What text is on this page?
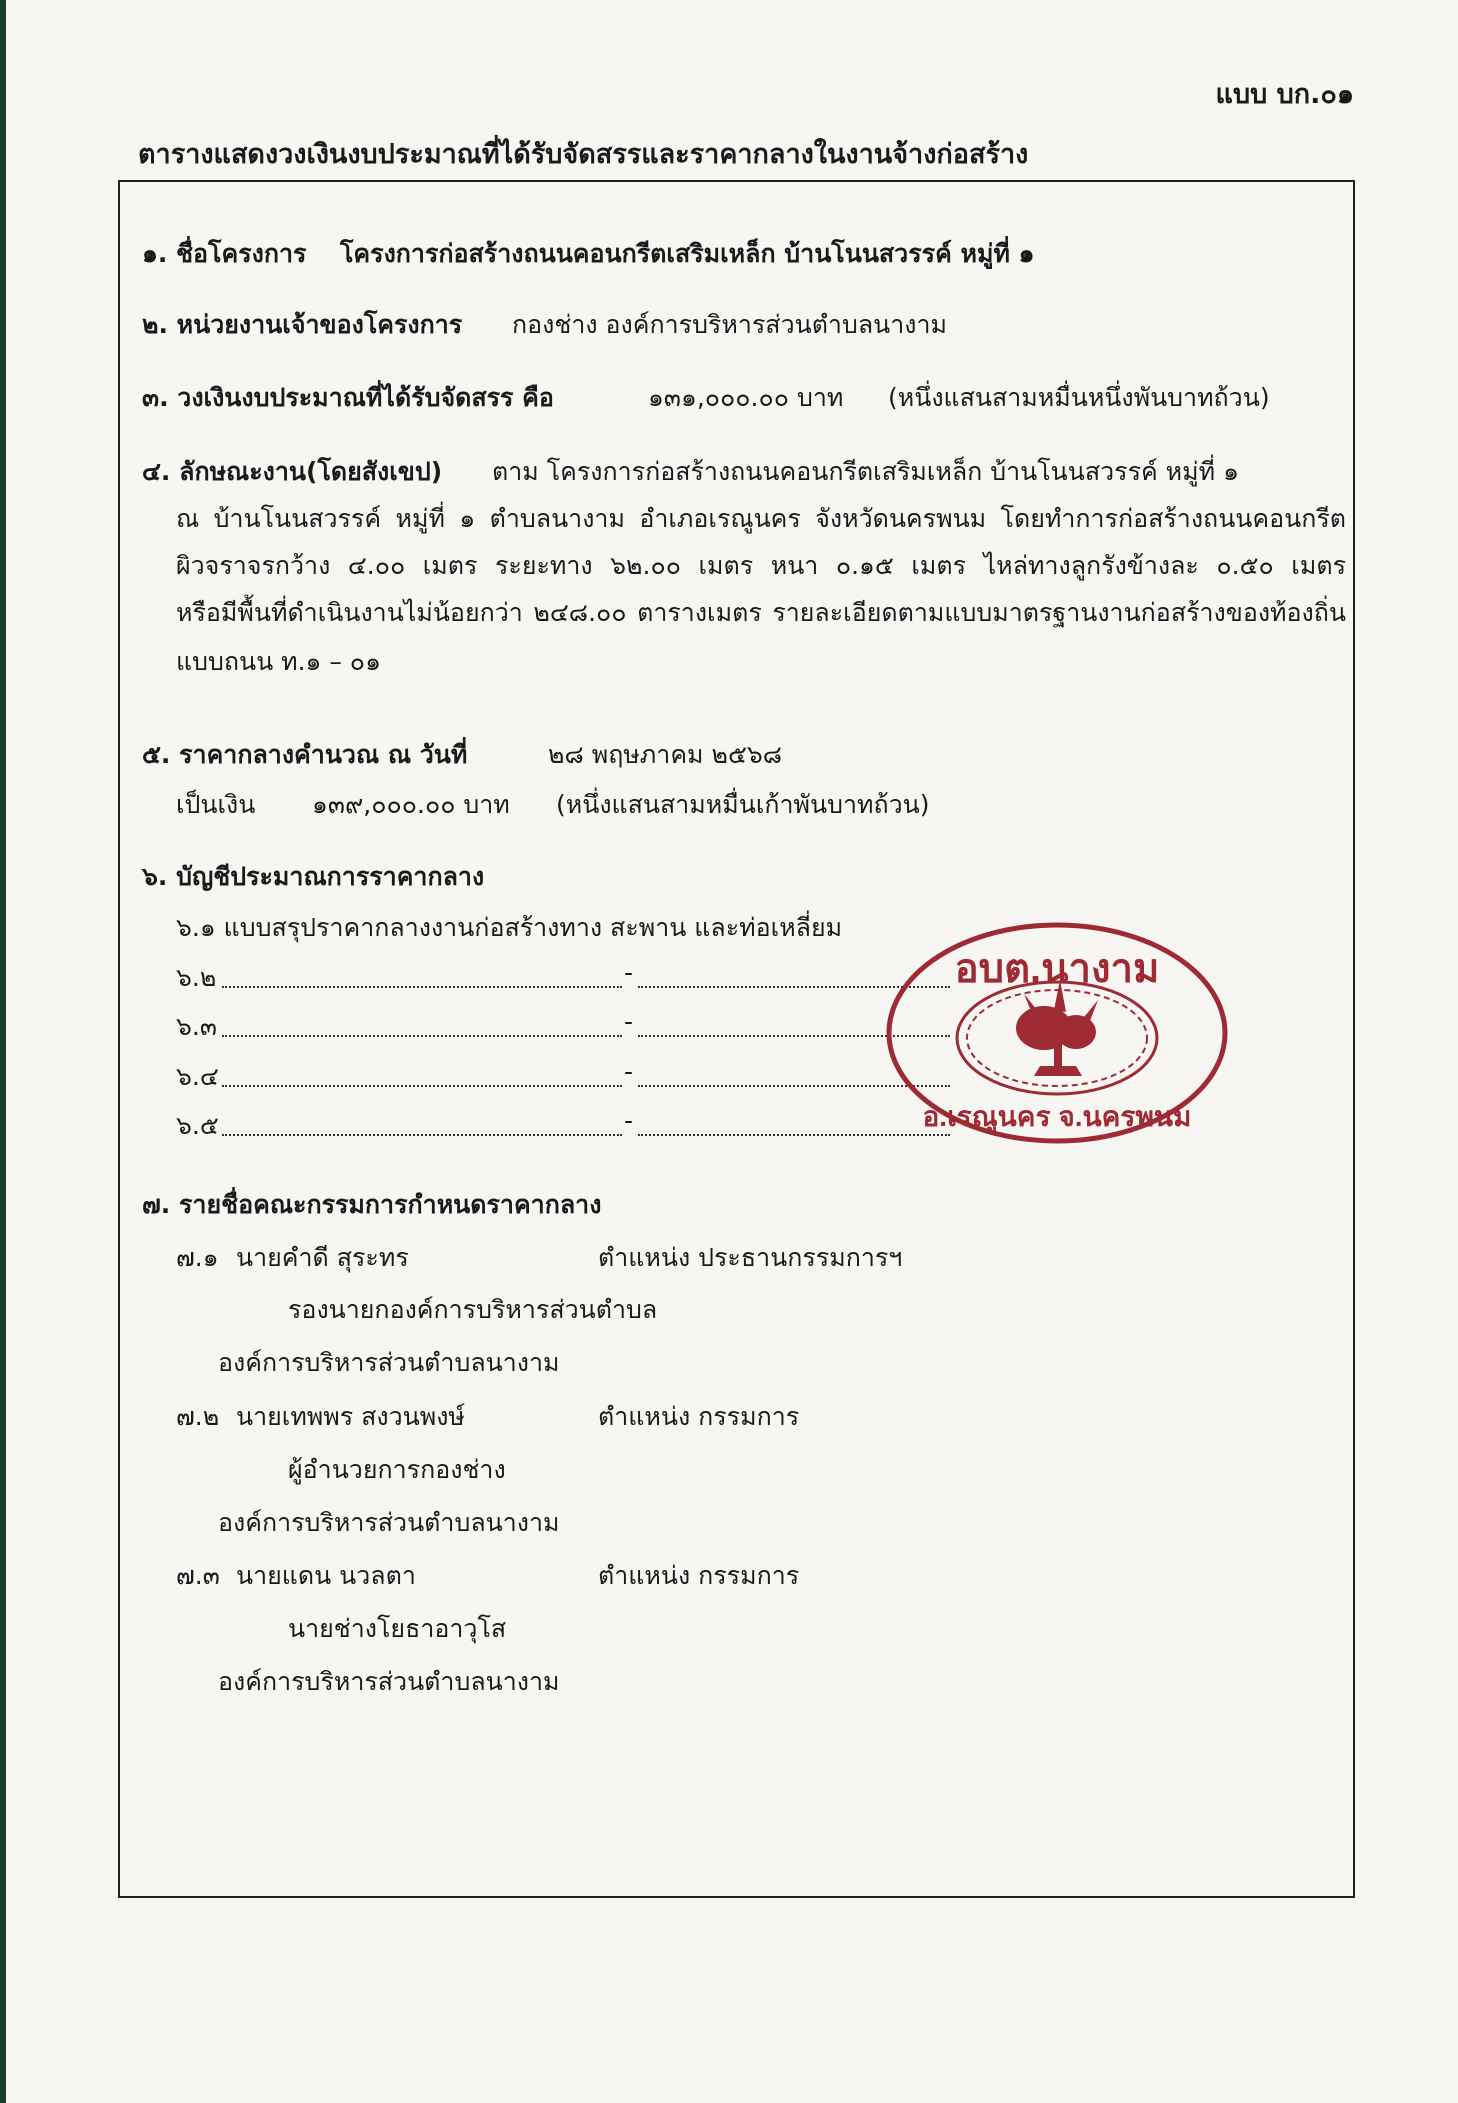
แบบ บก.๐๑
ตารางแสดงวงเงินงบประมาณที่ได้รับจัดสรรและราคากลางในงานจ้างก่อสร้าง
๑. ชื่อโครงการ โครงการก่อสร้างถนนคอนกรีตเสริมเหล็ก บ้านโนนสวรรค์ หมู่ที่ ๑
๒. หน่วยงานเจ้าของโครงการ กองช่าง องค์การบริหารส่วนตำบลนางาม
๓. วงเงินงบประมาณที่ได้รับจัดสรร คือ	๑๓๑,๐๐๐.๐๐ บาท (หนึ่งแสนสามหมื่นหนึ่งพันบาทถ้วน)
๔. ลักษณะงาน(โดยสังเขป) ตาม โครงการก่อสร้างถนนคอนกรีตเสริมเหล็ก บ้านโนนสวรรค์ หมู่ที่ ๑
ณ บ้านโนนสวรรค์ หมู่ที่ ๑ ตำบลนางาม อำเภอเรณูนคร จังหวัดนครพนม โดยทำการก่อสร้างถนนคอนกรีต
ผิวจราจรกว้าง ๔.๐๐ เมตร ระยะทาง ๖๒.๐๐ เมตร หนา ๐.๑๕ เมตร ไหล่ทางลูกรังข้างละ ๐.๕๐ เมตร
หรือมีพื้นที่ดำเนินงานไม่น้อยกว่า ๒๔๘.๐๐ ตารางเมตร รายละเอียดตามแบบมาตรฐานงานก่อสร้างของท้องถิ่น
แบบถนน ท.๑ – ๐๑
๕. ราคากลางคำนวณ ณ วันที่	๒๘ พฤษภาคม ๒๕๖๘
เป็นเงิน ๑๓๙,๐๐๐.๐๐ บาท (หนึ่งแสนสามหมื่นเก้าพันบาทถ้วน)
๖. บัญชีประมาณการราคากลาง
๖.๑ แบบสรุปราคากลางงานก่อสร้างทาง สะพาน และท่อเหลี่ยม
๖.๒	-
๖.๓	-
๖.๔	-
๖.๕	-
อบต.นางาม
อ.เรณูนคร จ.นครพนม
๗. รายชื่อคณะกรรมการกำหนดราคากลาง
๗.๑ นายคำดี สุระทร	ตำแหน่ง ประธานกรรมการฯ
รองนายกองค์การบริหารส่วนตำบล
องค์การบริหารส่วนตำบลนางาม
๗.๒ นายเทพพร สงวนพงษ์	ตำแหน่ง กรรมการ
ผู้อำนวยการกองช่าง
องค์การบริหารส่วนตำบลนางาม
๗.๓ นายแดน นวลตา	ตำแหน่ง กรรมการ
นายช่างโยธาอาวุโส
องค์การบริหารส่วนตำบลนางาม
